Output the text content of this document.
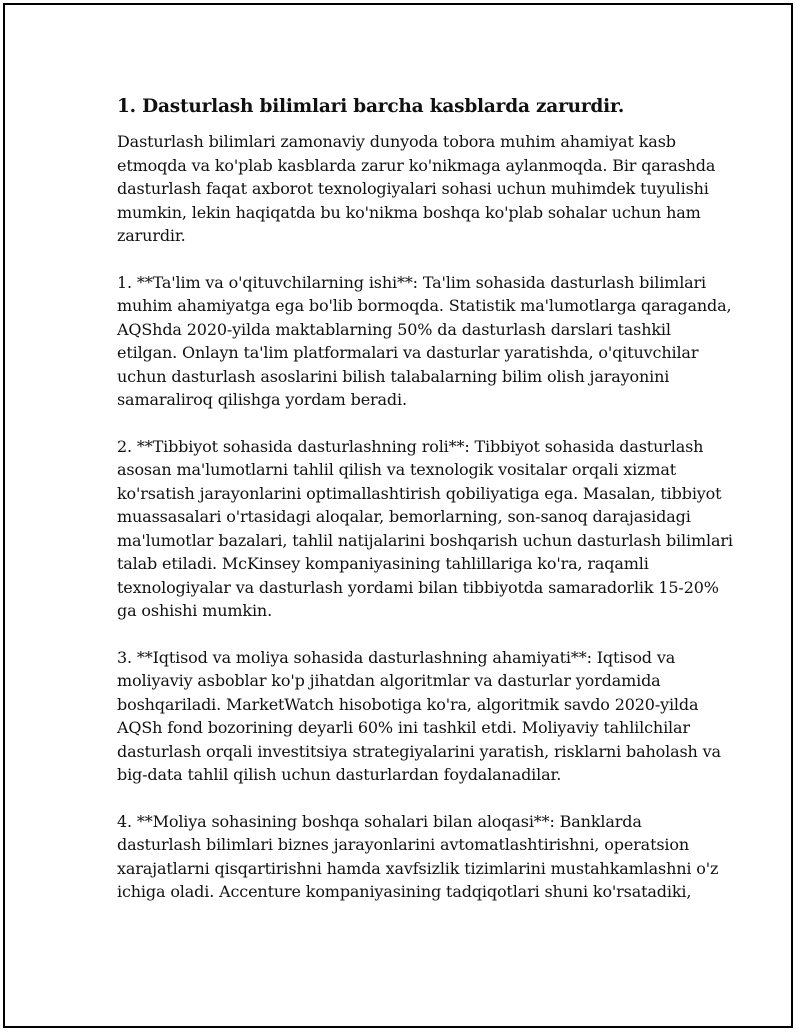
1. Dasturlash bilimlari barcha kasblarda zarurdir.

Dasturlash bilimlari zamonaviy dunyoda tobora muhim ahamiyat kasb
etmoqda va ko'plab kasblarda zarur ko'nikmaga aylanmoqda. Bir qarashda
dasturlash faqat axborot texnologiyalari sohasi uchun muhimdek tuyulishi
mumkin, lekin haqiqatda bu ko'nikma boshqa ko'plab sohalar uchun ham
zarurdir.

1. **Ta'lim va o'qituvchilarning ishi**: Ta'lim sohasida dasturlash bilimlari
muhim ahamiyatga ega bo'lib bormoqda. Statistik ma'lumotlarga qaraganda,
AQShda 2020-yilda maktablarning 50% da dasturlash darslari tashkil
etilgan. Onlayn ta'lim platformalari va dasturlar yaratishda, o'qituvchilar
uchun dasturlash asoslarini bilish talabalarning bilim olish jarayonini
samaraliroq qilishga yordam beradi.

2. **Tibbiyot sohasida dasturlashning roli**: Tibbiyot sohasida dasturlash
asosan ma'lumotlarni tahlil qilish va texnologik vositalar orqali xizmat
ko'rsatish jarayonlarini optimallashtirish qobiliyatiga ega. Masalan, tibbiyot
muassasalari o'rtasidagi aloqalar, bemorlarning, son-sanoq darajasidagi
ma'lumotlar bazalari, tahlil natijalarini boshqarish uchun dasturlash bilimlari
talab etiladi. McKinsey kompaniyasining tahlillariga ko'ra, raqamli
texnologiyalar va dasturlash yordami bilan tibbiyotda samaradorlik 15-20%
ga oshishi mumkin.

3. **Iqtisod va moliya sohasida dasturlashning ahamiyati**: Iqtisod va
moliyaviy asboblar ko'p jihatdan algoritmlar va dasturlar yordamida
boshqariladi. MarketWatch hisobotiga ko'ra, algoritmik savdo 2020-yilda
AQSh fond bozorining deyarli 60% ini tashkil etdi. Moliyaviy tahlilchilar
dasturlash orqali investitsiya strategiyalarini yaratish, risklarni baholash va
big-data tahlil qilish uchun dasturlardan foydalanadilar.

4. **Moliya sohasining boshqa sohalari bilan aloqasi**: Banklarda
dasturlash bilimlari biznes jarayonlarini avtomatlashtirishni, operatsion
xarajatlarni qisqartirishni hamda xavfsizlik tizimlarini mustahkamlashni o'z
ichiga oladi. Accenture kompaniyasining tadqiqotlari shuni ko'rsatadiki,
